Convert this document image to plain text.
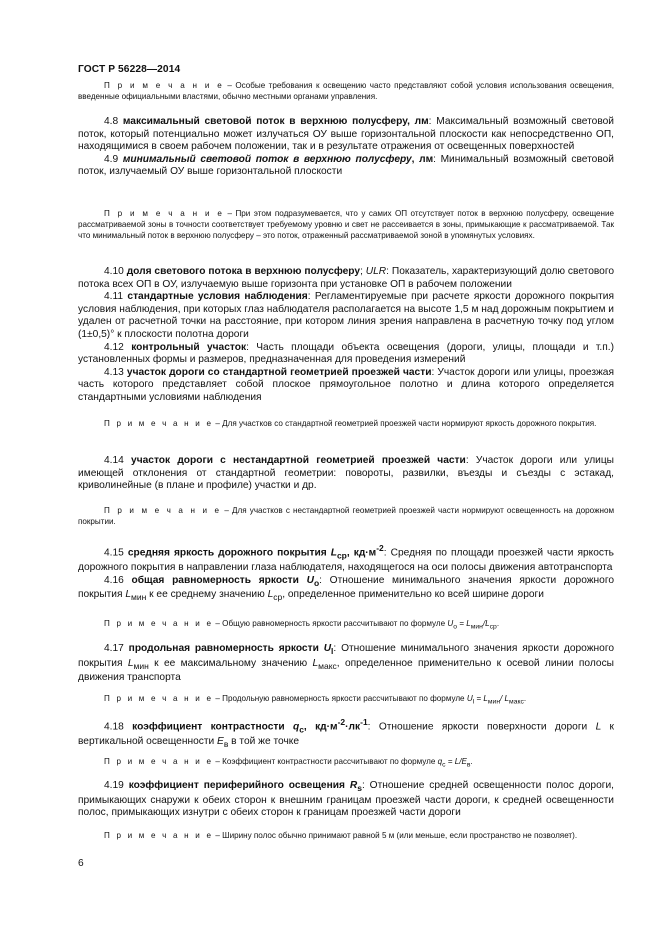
ГОСТ Р 56228—2014

П р и м е ч а н и е – Особые требования к освещению часто представляют собой условия использования освещения, введенные официальными властями, обычно местными органами управления.

4.8 максимальный световой поток в верхнюю полусферу, лм: Максимальный возможный световой поток, который потенциально может излучаться ОУ выше горизонтальной плоскости как непосредственно ОП, находящимися в своем рабочем положении, так и в результате отражения от освещенных поверхностей

4.9 минимальный световой поток в верхнюю полусферу, лм: Минимальный возможный световой поток, излучаемый ОУ выше горизонтальной плоскости

П р и м е ч а н и е – При этом подразумевается, что у самих ОП отсутствует поток в верхнюю полусферу, освещение рассматриваемой зоны в точности соответствует требуемому уровню и свет не рассеивается в зоны, примыкающие к рассматриваемой. Так что минимальный поток в верхнюю полусферу – это поток, отраженный рассматриваемой зоной в упомянутых условиях.

4.10 доля светового потока в верхнюю полусферу; ULR: Показатель, характеризующий долю светового потока всех ОП в ОУ, излучаемую выше горизонта при установке ОП в рабочем положении

4.11 стандартные условия наблюдения: Регламентируемые при расчете яркости дорожного покрытия условия наблюдения, при которых глаз наблюдателя располагается на высоте 1,5 м над дорожным покрытием и удален от расчетной точки на расстояние, при котором линия зрения направлена в расчетную точку под углом (1±0,5)° к плоскости полотна дороги

4.12 контрольный участок: Часть площади объекта освещения (дороги, улицы, площади и т.п.) установленных формы и размеров, предназначенная для проведения измерений

4.13 участок дороги со стандартной геометрией проезжей части: Участок дороги или улицы, проезжая часть которого представляет собой плоское прямоугольное полотно и длина которого определяется стандартными условиями наблюдения

П р и м е ч а н и е – Для участков со стандартной геометрией проезжей части нормируют яркость дорожного покрытия.

4.14 участок дороги с нестандартной геометрией проезжей части: Участок дороги или улицы имеющей отклонения от стандартной геометрии: повороты, развилки, въезды и съезды с эстакад, криволинейные (в плане и профиле) участки и др.

П р и м е ч а н и е – Для участков с нестандартной геометрией проезжей части нормируют освещенность на дорожном покрытии.

4.15 средняя яркость дорожного покрытия $L_{ср}$, $кд\cdot м^{-2}$: Средняя по площади проезжей части яркость дорожного покрытия в направлении глаза наблюдателя, находящегося на оси полосы движения автотранспорта

4.16 общая равномерность яркости $U_o$: Отношение минимального значения яркости дорожного покрытия $L_{мин}$ к ее среднему значению $L_{ср}$, определенное применительно ко всей ширине дороги

П р и м е ч а н и е – Общую равномерность яркости рассчитывают по формуле $U_o = L_{мин}/L_{ср}$.

4.17 продольная равномерность яркости $U_l$: Отношение минимального значения яркости дорожного покрытия $L_{мин}$ к ее максимальному значению $L_{макс}$, определенное применительно к осевой линии полосы движения транспорта

П р и м е ч а н и е – Продольную равномерность яркости рассчитывают по формуле $U_l = L_{мин}/$ $L_{макс}$.

4.18 коэффициент контрастности $q_c$, $кд\cdot м^{-2}\cdot лк^{-1}$: Отношение яркости поверхности дороги L к вертикальной освещенности $E_в$ в той же точке

П р и м е ч а н и е – Коэффициент контрастности рассчитывают по формуле $q_c = L/E_в$.

4.19 коэффициент периферийного освещения $R_s$: Отношение средней освещенности полос дороги, примыкающих снаружи к обеих сторон к внешним границам проезжей части дороги, к средней освещенности полос, примыкающих изнутри с обеих сторон к границам проезжей части дороги

П р и м е ч а н и е – Ширину полос обычно принимают равной 5 м (или меньше, если пространство не позволяет).

6
